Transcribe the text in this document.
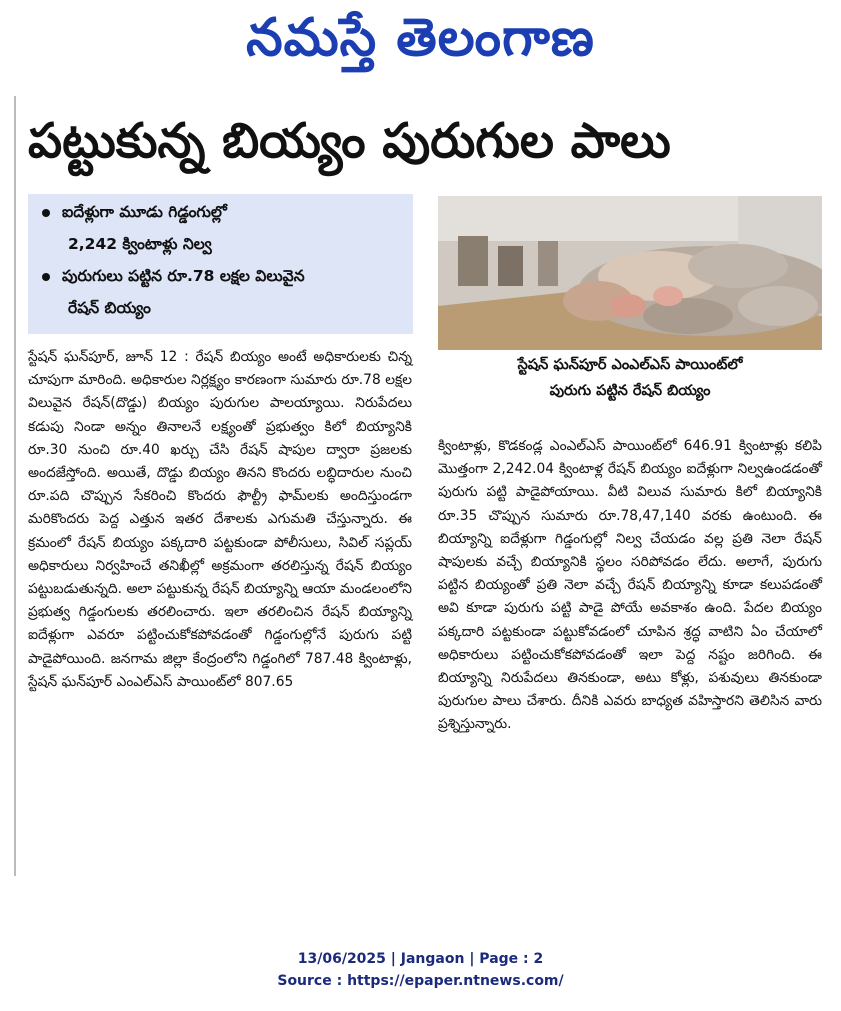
నమస్తే తెలంగాణ
పట్టుకున్న బియ్యం పురుగుల పాలు
ఐదేళ్లుగా మూడు గిడ్డంగుల్లో
2,242 క్వింటాళ్లు నిల్వ
పురుగులు పట్టిన రూ.78 లక్షల విలువైన
రేషన్ బియ్యం
స్టేషన్ ఘన్‌పూర్ ఎంఎల్ఎస్ పాయింట్‌లో
పురుగు పట్టిన రేషన్ బియ్యం

స్టేషన్ ఘన్‌పూర్, జూన్ 12 : రేషన్ బియ్యం అంటే అధికారులకు చిన్న చూపుగా మారింది. అధికారుల నిర్లక్ష్యం కారణంగా సుమారు రూ.78 లక్షల విలువైన రేషన్(దొడ్డు) బియ్యం పురుగుల పాలయ్యాయి. నిరుపేదలు కడుపు నిండా అన్నం తినాలనే లక్ష్యంతో ప్రభుత్వం కిలో బియ్యానికి రూ.30 నుంచి రూ.40 ఖర్చు చేసి రేషన్ షాపుల ద్వారా ప్రజలకు అందజేస్తోంది. అయితే, దొడ్డు బియ్యం తినని కొందరు లబ్ధిదారుల నుంచి రూ.పది చొప్పున సేకరించి కొందరు ఫౌల్ట్రీ ఫామ్‌లకు అందిస్తుండగా మరికొందరు పెద్ద ఎత్తున ఇతర దేశాలకు ఎగుమతి చేస్తున్నారు. ఈ క్రమంలో రేషన్ బియ్యం పక్కదారి పట్టకుండా పోలీసులు, సివిల్ సప్లయ్ అధికారులు నిర్వహించే తనిఖీల్లో అక్రమంగా తరలిస్తున్న రేషన్ బియ్యం పట్టుబడుతున్నది. అలా పట్టుకున్న రేషన్ బియ్యాన్ని ఆయా మండలంలోని ప్రభుత్వ గిడ్డంగులకు తరలించారు. ఇలా తరలించిన రేషన్ బియ్యాన్ని ఐదేళ్లుగా ఎవరూ పట్టించుకోకపోవడంతో గిడ్డంగుల్లోనే పురుగు పట్టి పాడైపోయింది. జనగామ జిల్లా కేంద్రంలోని గిడ్డంగిలో 787.48 క్వింటాళ్లు, స్టేషన్ ఘన్‌పూర్ ఎంఎల్ఎస్ పాయింట్‌లో 807.65

క్వింటాళ్లు, కొడకండ్ల ఎంఎల్ఎస్ పాయింట్‌లో 646.91 క్వింటాళ్లు కలిపి మొత్తంగా 2,242.04 క్వింటాళ్ల రేషన్ బియ్యం ఐదేళ్లుగా నిల్వఉండడంతో పురుగు పట్టి పాడైపోయాయి. వీటి విలువ సుమారు కిలో బియ్యానికి రూ.35 చొప్పున సుమారు రూ.78,47,140 వరకు ఉంటుంది. ఈ బియ్యాన్ని ఐదేళ్లుగా గిడ్డంగుల్లో నిల్వ చేయడం వల్ల ప్రతి నెలా రేషన్ షాపులకు వచ్చే బియ్యానికి స్థలం సరిపోవడం లేదు. అలాగే, పురుగు పట్టిన బియ్యంతో ప్రతి నెలా వచ్చే రేషన్ బియ్యాన్ని కూడా కలుపడంతో అవి కూడా పురుగు పట్టి పాడై పోయే అవకాశం ఉంది. పేదల బియ్యం పక్కదారి పట్టకుండా పట్టుకోవడంలో చూపిన శ్రద్ధ వాటిని ఏం చేయాలో అధికారులు పట్టించుకోకపోవడంతో ఇలా పెద్ద నష్టం జరిగింది. ఈ బియ్యాన్ని నిరుపేదలు తినకుండా, అటు కోళ్లు, పశువులు తినకుండా పురుగుల పాలు చేశారు. దీనికి ఎవరు బాధ్యత వహిస్తారని తెలిసిన వారు ప్రశ్నిస్తున్నారు.

13/06/2025 | Jangaon | Page : 2
Source : https://epaper.ntnews.com/
